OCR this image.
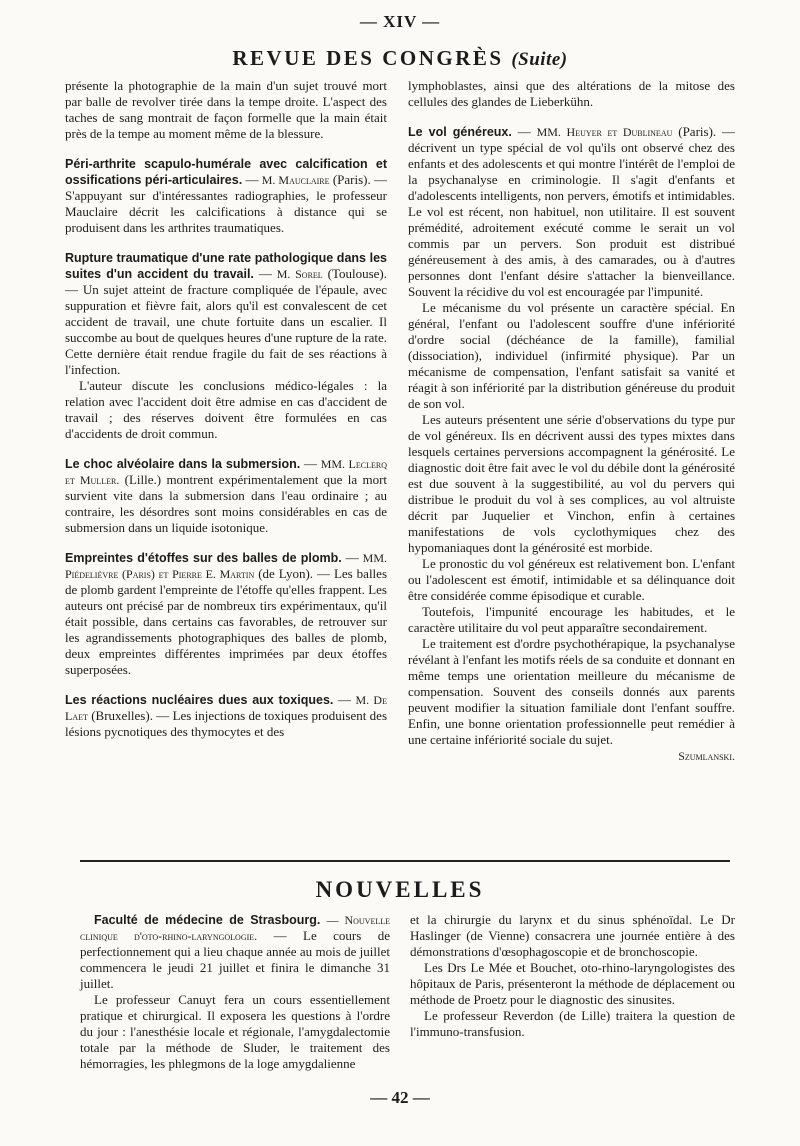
— XIV —
REVUE DES CONGRÈS (Suite)

présente la photographie de la main d'un sujet trouvé mort par balle de revolver tirée dans la tempe droite. L'aspect des taches de sang montrait de façon formelle que la main était près de la tempe au moment même de la blessure.

Péri-arthrite scapulo-humérale avec calcification et ossifications péri-articulaires. — M. Mauclaire (Paris). — S'appuyant sur d'intéressantes radiographies, le professeur Mauclaire décrit les calcifications à distance qui se produisent dans les arthrites traumatiques.

Rupture traumatique d'une rate pathologique dans les suites d'un accident du travail. — M. Sorel (Toulouse). — Un sujet atteint de fracture compliquée de l'épaule, avec suppuration et fièvre fait, alors qu'il est convalescent de cet accident de travail, une chute fortuite dans un escalier. Il succombe au bout de quelques heures d'une rupture de la rate. Cette dernière était rendue fragile du fait de ses réactions à l'infection.

L'auteur discute les conclusions médico-légales : la relation avec l'accident doit être admise en cas d'accident de travail ; des réserves doivent être formulées en cas d'accidents de droit commun.

Le choc alvéolaire dans la submersion. — MM. Leclerq et Muller. (Lille.) montrent expérimentalement que la mort survient vite dans la submersion dans l'eau ordinaire ; au contraire, les désordres sont moins considérables en cas de submersion dans un liquide isotonique.

Empreintes d'étoffes sur des balles de plomb. — MM. Piédelièvre (Paris) et Pierre E. Martin (de Lyon). — Les balles de plomb gardent l'empreinte de l'étoffe qu'elles frappent. Les auteurs ont précisé par de nombreux tirs expérimentaux, qu'il était possible, dans certains cas favorables, de retrouver sur les agrandissements photographiques des balles de plomb, deux empreintes différentes imprimées par deux étoffes superposées.

Les réactions nucléaires dues aux toxiques. — M. De Laet (Bruxelles). — Les injections de toxiques produisent des lésions pycnotiques des thymocytes et des

lymphoblastes, ainsi que des altérations de la mitose des cellules des glandes de Lieberkühn.

Le vol généreux. — MM. Heuyer et Dublineau (Paris). — décrivent un type spécial de vol qu'ils ont observé chez des enfants et des adolescents et qui montre l'intérêt de l'emploi de la psychanalyse en criminologie. Il s'agit d'enfants et d'adolescents intelligents, non pervers, émotifs et intimidables. Le vol est récent, non habituel, non utilitaire. Il est souvent prémédité, adroitement exécuté comme le serait un vol commis par un pervers. Son produit est distribué généreusement à des amis, à des camarades, ou à d'autres personnes dont l'enfant désire s'attacher la bienveillance. Souvent la récidive du vol est encouragée par l'impunité.

Le mécanisme du vol présente un caractère spécial. En général, l'enfant ou l'adolescent souffre d'une infériorité d'ordre social (déchéance de la famille), familial (dissociation), individuel (infirmité physique). Par un mécanisme de compensation, l'enfant satisfait sa vanité et réagit à son infériorité par la distribution généreuse du produit de son vol.

Les auteurs présentent une série d'observations du type pur de vol généreux. Ils en décrivent aussi des types mixtes dans lesquels certaines perversions accompagnent la générosité. Le diagnostic doit être fait avec le vol du débile dont la générosité est due souvent à la suggestibilité, au vol du pervers qui distribue le produit du vol à ses complices, au vol altruiste décrit par Juquelier et Vinchon, enfin à certaines manifestations de vols cyclothymiques chez des hypomaniaques dont la générosité est morbide.

Le pronostic du vol généreux est relativement bon. L'enfant ou l'adolescent est émotif, intimidable et sa délinquance doit être considérée comme épisodique et curable.

Toutefois, l'impunité encourage les habitudes, et le caractère utilitaire du vol peut apparaître secondairement.

Le traitement est d'ordre psychothérapique, la psychanalyse révélant à l'enfant les motifs réels de sa conduite et donnant en même temps une orientation meilleure du mécanisme de compensation. Souvent des conseils donnés aux parents peuvent modifier la situation familiale dont l'enfant souffre. Enfin, une bonne orientation professionnelle peut remédier à une certaine infériorité sociale du sujet.

Szumlanski.
NOUVELLES

Faculté de médecine de Strasbourg. — Nouvelle clinique d'oto-rhino-laryngologie. — Le cours de perfectionnement qui a lieu chaque année au mois de juillet commencera le jeudi 21 juillet et finira le dimanche 31 juillet.

Le professeur Canuyt fera un cours essentiellement pratique et chirurgical. Il exposera les questions à l'ordre du jour : l'anesthésie locale et régionale, l'amygdalectomie totale par la méthode de Sluder, le traitement des hémorragies, les phlegmons de la loge amygdalienne

et la chirurgie du larynx et du sinus sphénoïdal. Le Dr Haslinger (de Vienne) consacrera une journée entière à des démonstrations d'œsophagoscopie et de bronchoscopie.

Les Drs Le Mée et Bouchet, oto-rhino-laryngologistes des hôpitaux de Paris, présenteront la méthode de déplacement ou méthode de Proetz pour le diagnostic des sinusites.

Le professeur Reverdon (de Lille) traitera la question de l'immuno-transfusion.

— 42 —
